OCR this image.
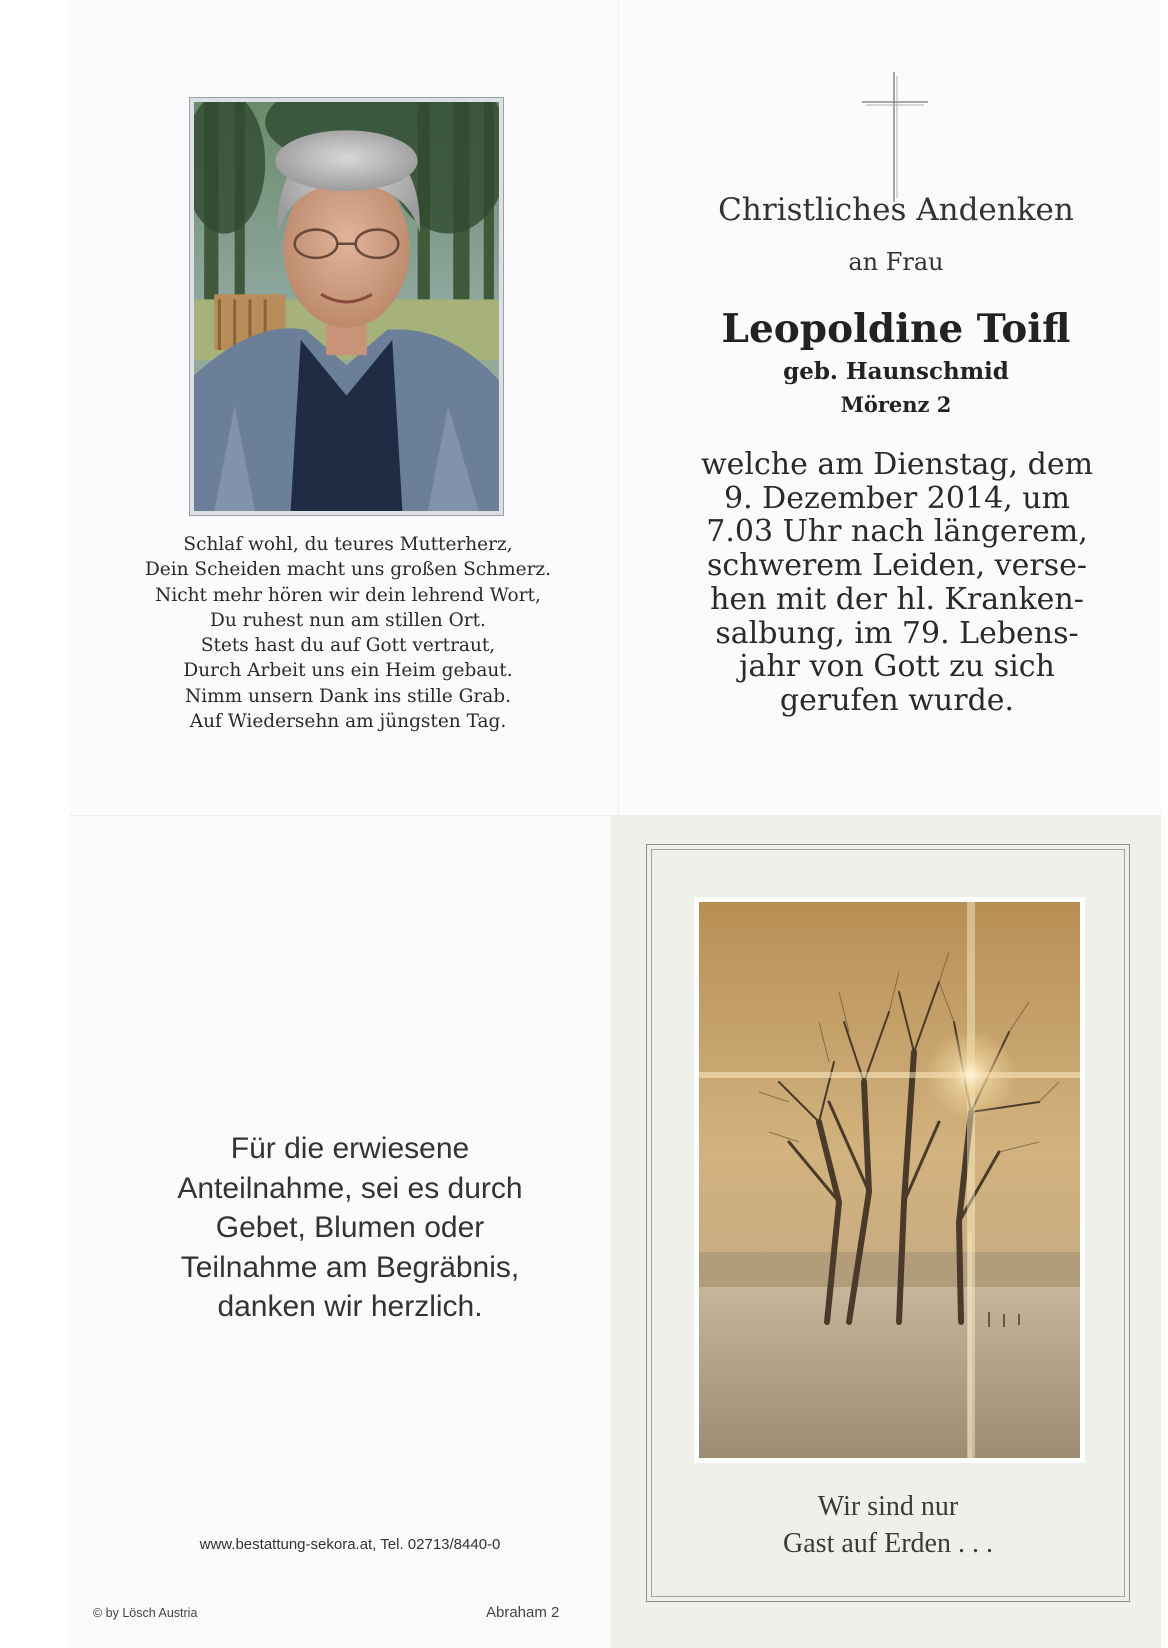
Schlaf wohl, du teures Mutterherz,
Dein Scheiden macht uns großen Schmerz.
Nicht mehr hören wir dein lehrend Wort,
Du ruhest nun am stillen Ort.
Stets hast du auf Gott vertraut,
Durch Arbeit uns ein Heim gebaut.
Nimm unsern Dank ins stille Grab.
Auf Wiedersehn am jüngsten Tag.
Christliches Andenken
an Frau
Leopoldine Toifl
geb. Haunschmid
Mörenz 2
welche am Dienstag, dem
9. Dezember 2014, um
7.03 Uhr nach längerem,
schwerem Leiden, verse-
hen mit der hl. Kranken-
salbung, im 79. Lebens-
jahr von Gott zu sich
gerufen wurde.
Für die erwiesene
Anteilnahme, sei es durch
Gebet, Blumen oder
Teilnahme am Begräbnis,
danken wir herzlich.
www.bestattung-sekora.at, Tel. 02713/8440-0
© by Lösch Austria	Abraham 2
Wir sind nur
Gast auf Erden . . .
